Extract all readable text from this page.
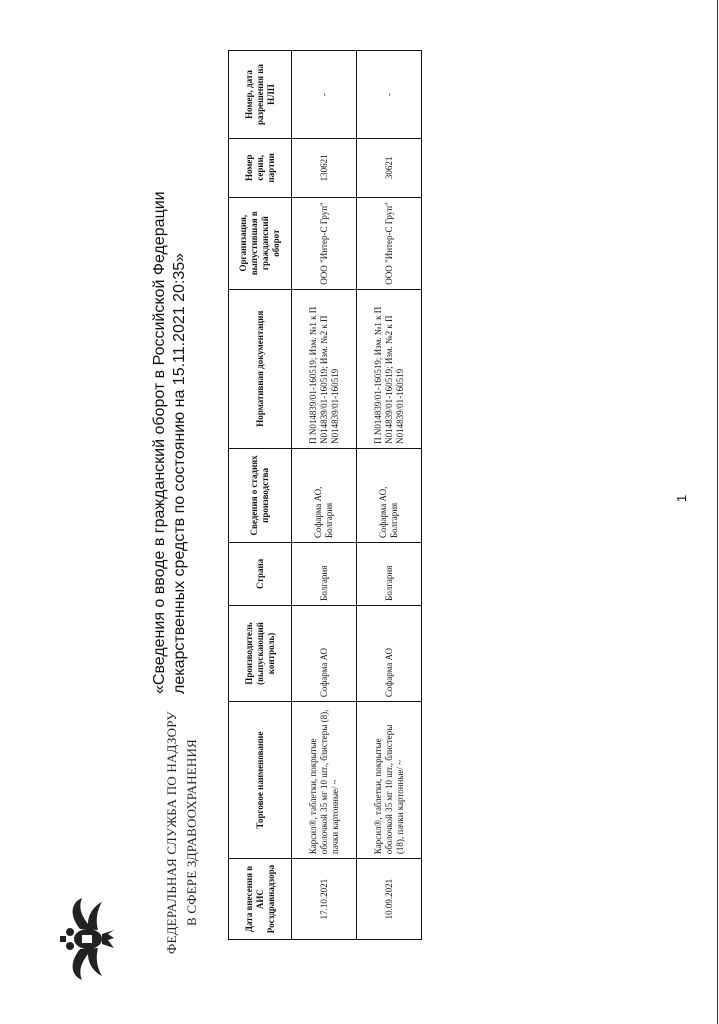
ФЕДЕРАЛЬНАЯ СЛУЖБА ПО НАДЗОРУ В СФЕРЕ ЗДРАВООХРАНЕНИЯ
«Сведения о вводе в гражданский оборот в Российской Федерации лекарственных средств по состоянию на 15.11.2021 20:35»
Дата внесения в АИС Росздравнадзора	Торговое наименование	Производитель (выпускающий контроль)	Страна	Сведения о стадиях производства	Нормативная документация	Организация, выпустившая в гражданский оборот	Номер серии, партии	Номер, дата разрешения на НЛП
17.10.2021	Карсил®, таблетки, покрытые оболочкой 35 мг 10 шт., блистеры (8), пачки картонные/ ~	Софарма АО	Болгария	Софарма АО, Болгария	П N014839/01-160519; Изм. №1 к П N014839/01-160519; Изм. №2 к П N014839/01-160519	ООО "Интер-С Груп"	130621	-
10.09.2021	Карсил®, таблетки, покрытые оболочкой 35 мг 10 шт., блистеры (18), пачки картонные/ ~	Софарма АО	Болгария	Софарма АО, Болгария	П N014839/01-160519; Изм. №1 к П N014839/01-160519; Изм. №2 к П N014839/01-160519	ООО "Интер-С Груп"	30621	-
1
